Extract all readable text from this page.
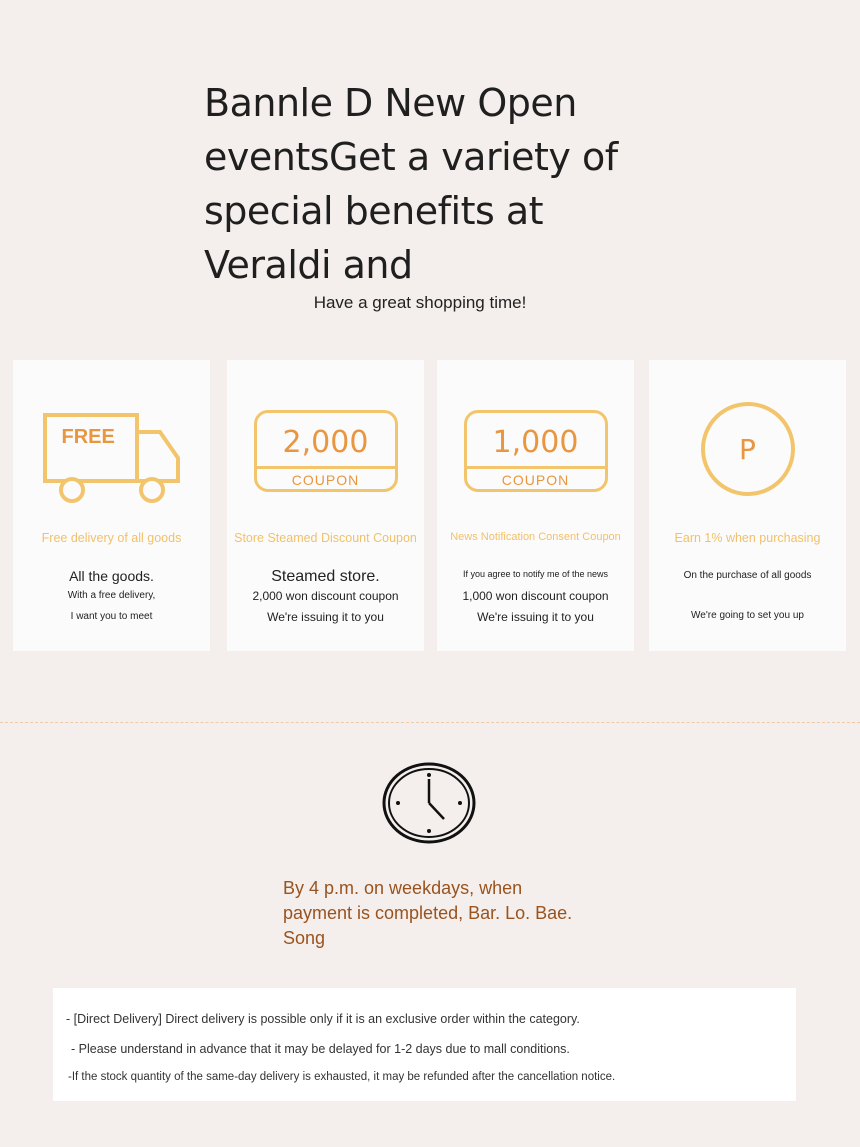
Bannle D New Open eventsGet a variety of special benefits at Veraldi and
Have a great shopping time!
FREE
Free delivery of all goods
All the goods.
With a free delivery,
I want you to meet
2,000
COUPON
Store Steamed Discount Coupon
Steamed store.
2,000 won discount coupon
We're issuing it to you
1,000
COUPON
News Notification Consent Coupon
If you agree to notify me of the news
1,000 won discount coupon
We're issuing it to you
P
Earn 1% when purchasing
On the purchase of all goods
We're going to set you up
By 4 p.m. on weekdays, when payment is completed, Bar. Lo. Bae. Song
- [Direct Delivery] Direct delivery is possible only if it is an exclusive order within the category.
- Please understand in advance that it may be delayed for 1-2 days due to mall conditions.
-If the stock quantity of the same-day delivery is exhausted, it may be refunded after the cancellation notice.
